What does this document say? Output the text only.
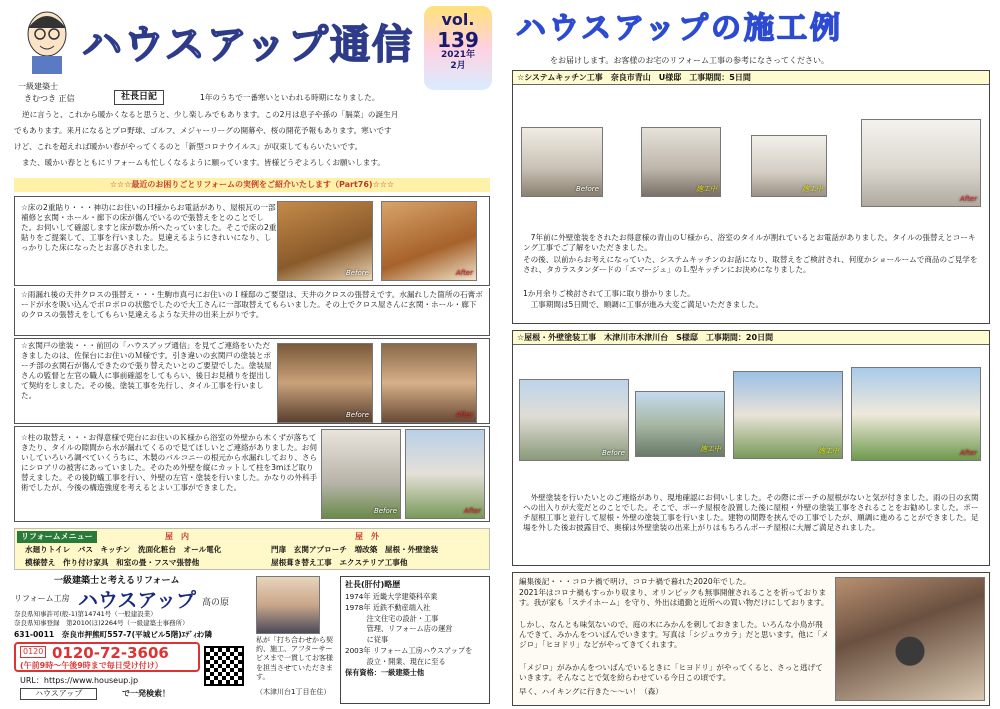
一級建築士
きむつき 正信
ハウスアップ通信
vol.
139
2021年
2月
社長日記	1年のうちで一番寒いといわれる時期になりました。
逆に言うと、これから暖かくなると思うと、少し楽しみでもあります。この2月は息子や孫の「膈菜」の誕生月
でもあります。来月になるとプロ野球、ゴルフ、メジャーリーグの開幕や、桜の開花予報もあります。寒いです
けど、これを超えれば暖かい春がやってくるのと「新型コロナウイルス」が収束してもらいたいです。
また、暖かい春とともにリフォームも忙しくなるように願っています。皆様どうぞよろしくお願いします。
☆☆☆最近のお困りごとリフォームの実例をご紹介いたします（Part76)☆☆☆
☆床の2重貼り・・・神功にお住いのＨ様からお電話があり、屋根瓦の一部補修と玄関・ホール・廊下の床が傷んでいるので張替えをとのことでした。お伺いして確認しますと床が数か所へたっていました。そこで床の2重貼りをご提案して、工事を行いました。見違えるようにきれいになり、しっかりした床になったとお喜びされました。
Before	After
☆雨漏れ後の天井クロスの張替え・・・生駒市真弓にお住いのＩ様邸のご要望は、天井のクロスの張替えです。水漏れした箇所の石膏ボードが水を吸い込んでボロボロの状態でしたので大工さんに一部取替えてもらいました。その上でクロス屋さんに玄関・ホール・廊下のクロスの張替えをしてもらい見違えるような天井の出来上がりです。
☆玄関戸の塗装・・・前回の「ハウスアップ通信」を見てご連絡をいただきましたのは、佐保台にお住いのＭ様です。引き違いの玄関戸の塗装とポーチ部の玄関石が傷んできたので張り替えたいとのご要望でした。塗装屋さんの監督と左官の職人に事前確認をしてもらい、後日お見積りを提出して契約をしました。その後、塗装工事を先行し、タイル工事を行いました。
Before	After
☆柱の取替え・・・お得意様で兜台にお住いのＫ様から浴室の外壁から木くずが落ちてきたり、タイルの隙間から水が漏れてくるので見てほしいとご連絡がありました。お伺いしていろいろ調べていくうちに、木製のバルコニーの根元から水漏れしており、さらにシロアリの被害にあっていました。そのため外壁を縦にカットして柱を3mほど取り替えました。その後防蟻工事を行い、外壁の左官・塗装を行いました。かなりの外科手術でしたが、今後の構造強度を考えるとよい工事ができました。
Before	After
リフォームメニュー	屋　内	屋　外
水廻りトイレ　バス　キッチン　洗面化粧台　オール電化	門扉　玄関アプローチ　増改築　屋根・外壁塗装
模様替え　作り付け家具　和室の畳・フスマ張替他	屋根葺き替え工事　エクステリア工事他
一級建築士と考えるリフォーム
リフォーム工房 ハウスアップ 高の原
奈良県知事許可(般-1)第14741号（一般建設業）
奈良県知事登録　第2010(ほ)2264号（一級建築士事務所）
631-0011　奈良市押熊町557-7(平城ビル5階)ｴﾃﾞｨｵﾝ隣
0120 0120-72-3606
(午前9時〜午後9時まで毎日受け付け）
URL：https://www.houseup.jp
ハウスアップ	で一発検索！
私が「打ち合わせから契約、施工、アフターサービスまで一貫してお客様を担当させていただきます。
（木津川台1丁目在住）
社長(肝付)略歴
1974年 近畿大学建築科卒業
1978年 近鉄不動産端入社
　　　注文住宅の設計・工事
　　　管理、リフォーム店の運営
　　　に従事
2003年 リフォーム工房ハウスアップを
　　　設立・開業、現在に至る
保有資格：一級建築士他
ハウスアップの施工例
をお届けします。お客様のお宅のリフォーム工事の参考になさってください。
☆システムキッチン工事　奈良市青山　U様邸　工事期間：5日間
Before	施工中	施工中
After
　7年前に外壁塗装をされたお得意様の青山のＵ様から、浴室のタイルが割れているとお電話がありました。タイルの張替えとコーキング工事でご了解をいただきました。
その後、以前からお考えになっていた、システムキッチンのお話になり、取替えをご検討され、何度かショールームで商品のご見学をされ、タカラスタンダードの「エマージュ」のＬ型キッチンにお決めになりました。
1か月余りご検討されて工事に取り掛かりました。
　工事期間は5日間で、順調に工事が進み大変ご満足いただきました。
☆屋根・外壁塗装工事　木津川市木津川台　S様邸　工事期間：20日間
Before	施工中	施工中	After
　外壁塗装を行いたいとのご連絡があり、現地確認にお伺いしました。その際にポーチの屋根がないと気が付きました。雨の日の玄関への出入りが大変だとのことでした。そこで、ポーチ屋根を設置した後に屋根・外壁の塗装工事をされることをお勧めしました。ポーチ屋根工事と並行して屋根・外壁の塗装工事を行いました。建物の間際を挟んでの工事でしたが、順調に進めることができました。足場を外した後お披露目で、奥様は外壁塗装の出来上がりはもちろんポーチ屋根に大層ご満足されました。
編集後記・・・コロナ禍で明け、コロナ禍で暮れた2020年でした。
2021年はコロナ禍もすっかり収まり、オリンピックも無事開催されることを祈っております。我が家も「ステイホーム」を守り、外出は通勤と近所への買い物だけにしております。
しかし、なんとも味気ないので、庭の木にみかんを刺しておきました。いろんな小鳥が飛んできて、みかんをついばんでいきます。写真は「シジュウカラ」だと思います。他に「メジロ」「ヒヨドリ」などがやってきてくれます。
「メジロ」がみかんをついばんでいるときに「ヒヨドリ」がやってくると、さっと逃げていきます。そんなことで気を紛らわせている今日この頃です。
早く、ハイキングに行きた〜〜い！（森）
